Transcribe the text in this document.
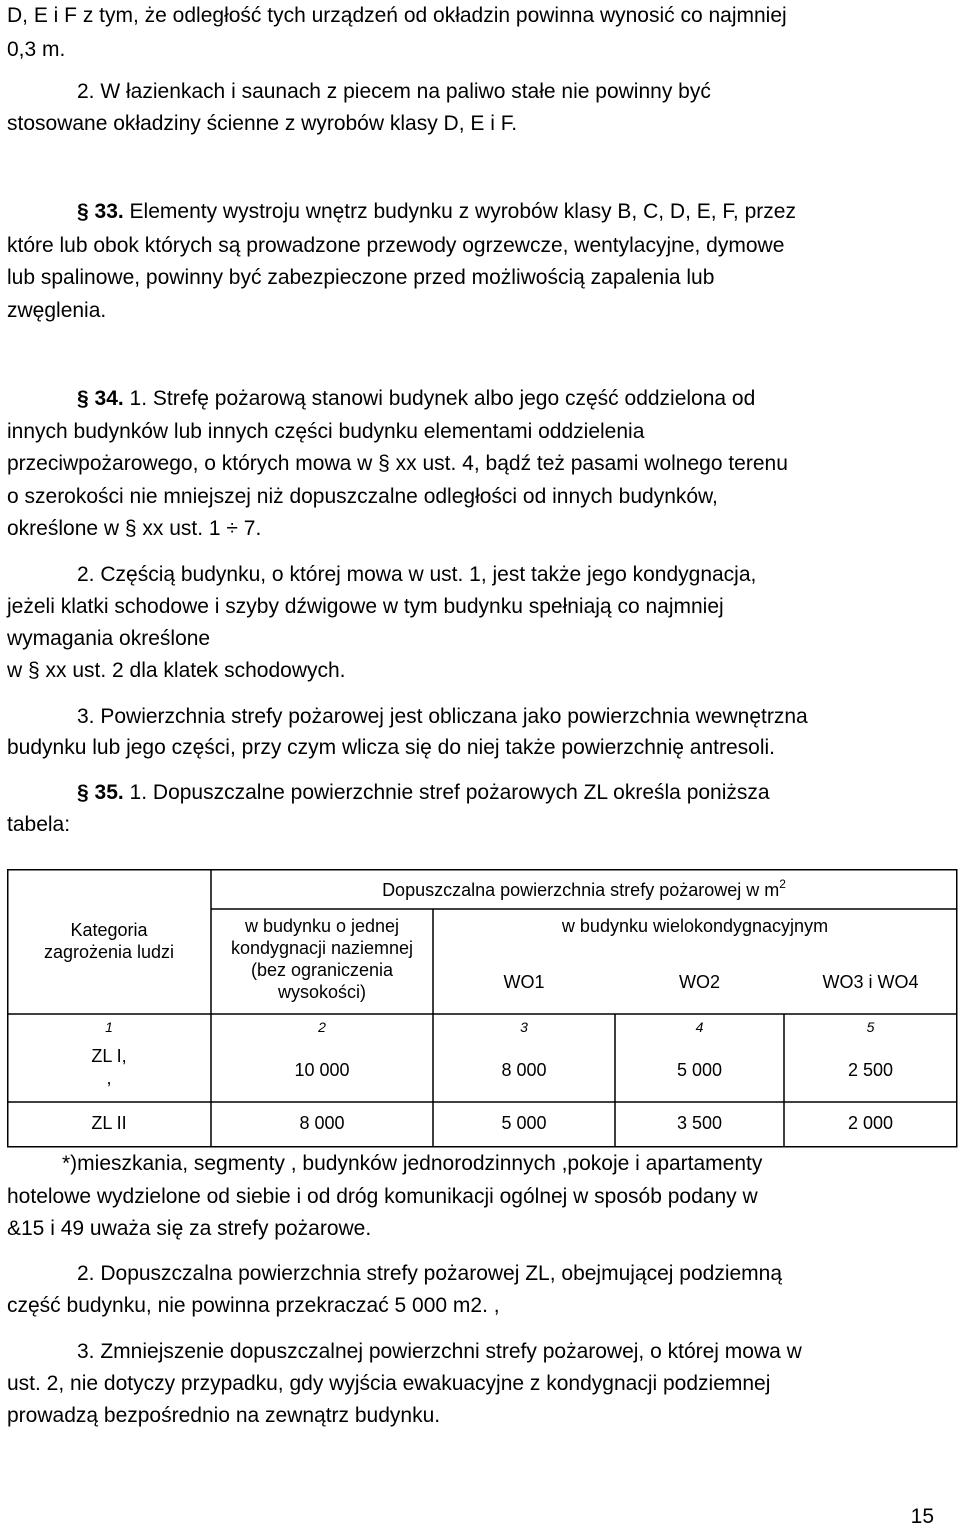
D, E i F z tym, że odległość tych urządzeń od okładzin powinna wynosić co najmniej
0,3 m.
2. W łazienkach i saunach z piecem na paliwo stałe nie powinny być
stosowane okładziny ścienne z wyrobów klasy D, E i F.
§ 33. Elementy wystroju wnętrz budynku z wyrobów klasy B, C, D, E, F, przez
które lub obok których są prowadzone przewody ogrzewcze, wentylacyjne, dymowe
lub spalinowe, powinny być zabezpieczone przed możliwością zapalenia lub
zwęglenia.
§ 34. 1. Strefę pożarową stanowi budynek albo jego część oddzielona od
innych budynków lub innych części budynku elementami oddzielenia
przeciwpożarowego, o których mowa w § xx ust. 4, bądź też pasami wolnego terenu
o szerokości nie mniejszej niż dopuszczalne odległości od innych budynków,
określone w § xx ust. 1 ÷ 7.
2. Częścią budynku, o której mowa w ust. 1, jest także jego kondygnacja,
jeżeli klatki schodowe i szyby dźwigowe w tym budynku spełniają co najmniej
wymagania określone
w § xx ust. 2 dla klatek schodowych.
3. Powierzchnia strefy pożarowej jest obliczana jako powierzchnia wewnętrzna
budynku lub jego części, przy czym wlicza się do niej także powierzchnię antresoli.
§ 35. 1. Dopuszczalne powierzchnie stref pożarowych ZL określa poniższa
tabela:
Dopuszczalna powierzchnia strefy pożarowej w $m^2$
Kategoria
zagrożenia ludzi
w budynku o jednej
kondygnacji naziemnej
(bez ograniczenia
wysokości)
w budynku wielokondygnacyjnym
WO1	WO2	WO3 i WO4
1	2	3	4	5
ZL I,
,	10 000	8 000	5 000	2 500
ZL II	8 000	5 000	3 500	2 000
*)mieszkania, segmenty , budynków jednorodzinnych ,pokoje i apartamenty
hotelowe wydzielone od siebie i od dróg komunikacji ogólnej w sposób podany w
&15 i 49 uważa się za strefy pożarowe.
2. Dopuszczalna powierzchnia strefy pożarowej ZL, obejmującej podziemną
część budynku, nie powinna przekraczać 5 000 m2. ,
3. Zmniejszenie dopuszczalnej powierzchni strefy pożarowej, o której mowa w
ust. 2, nie dotyczy przypadku, gdy wyjścia ewakuacyjne z kondygnacji podziemnej
prowadzą bezpośrednio na zewnątrz budynku.
15
